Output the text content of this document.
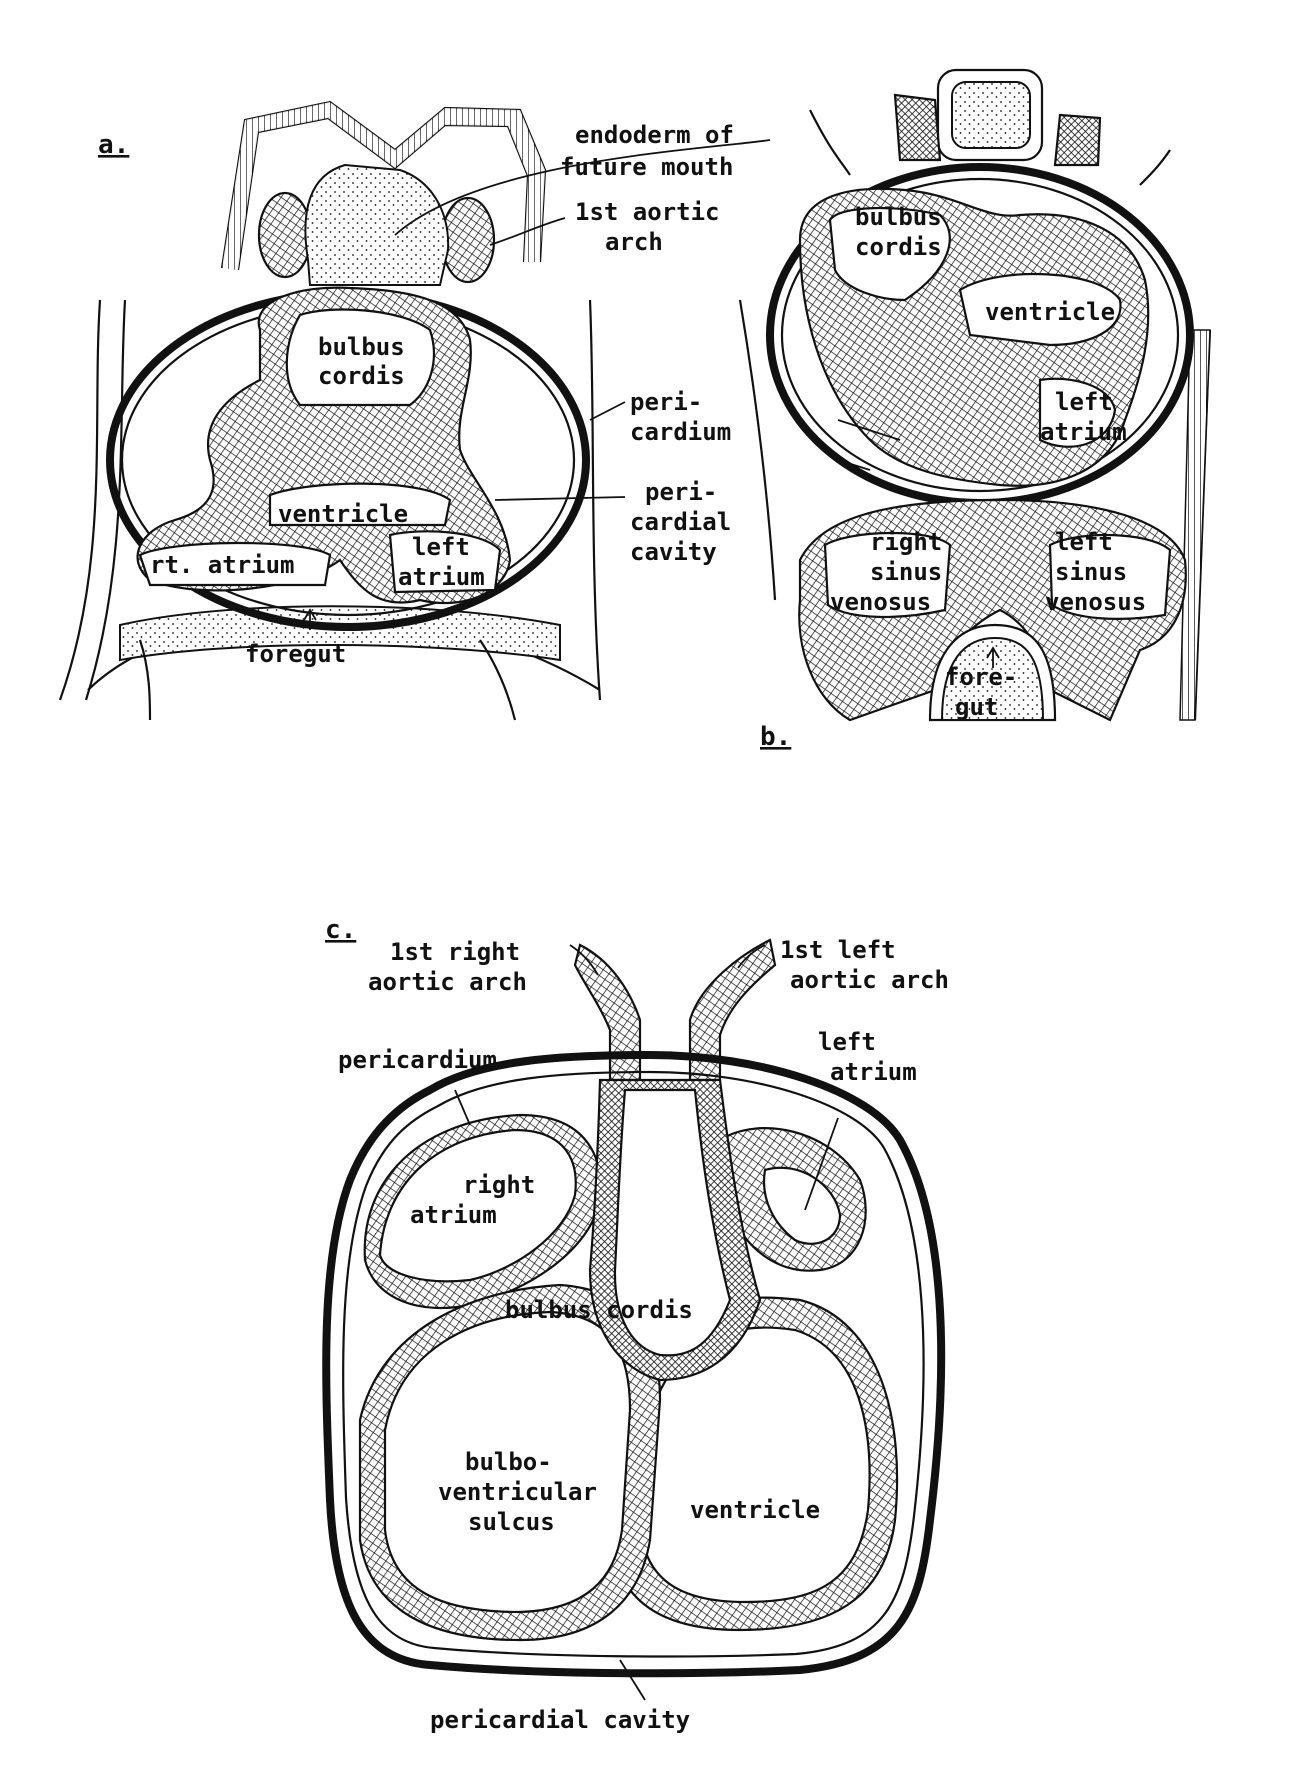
a.	endoderm of
future mouth
1st aortic
arch
bulbus
cordis
peri-
cardium
peri-
cardial
cavity
ventricle
rt. atrium
left
atrium
foregut
b.
bulbus
cordis
ventricle
left
atrium
right
sinus
venosus
left
sinus
venosus
fore-
gut
c.
1st right
aortic arch
1st left
aortic arch
pericardium
left
atrium
right
atrium
bulbus cordis
bulbo-
ventricular
sulcus	ventricle
pericardial cavity
